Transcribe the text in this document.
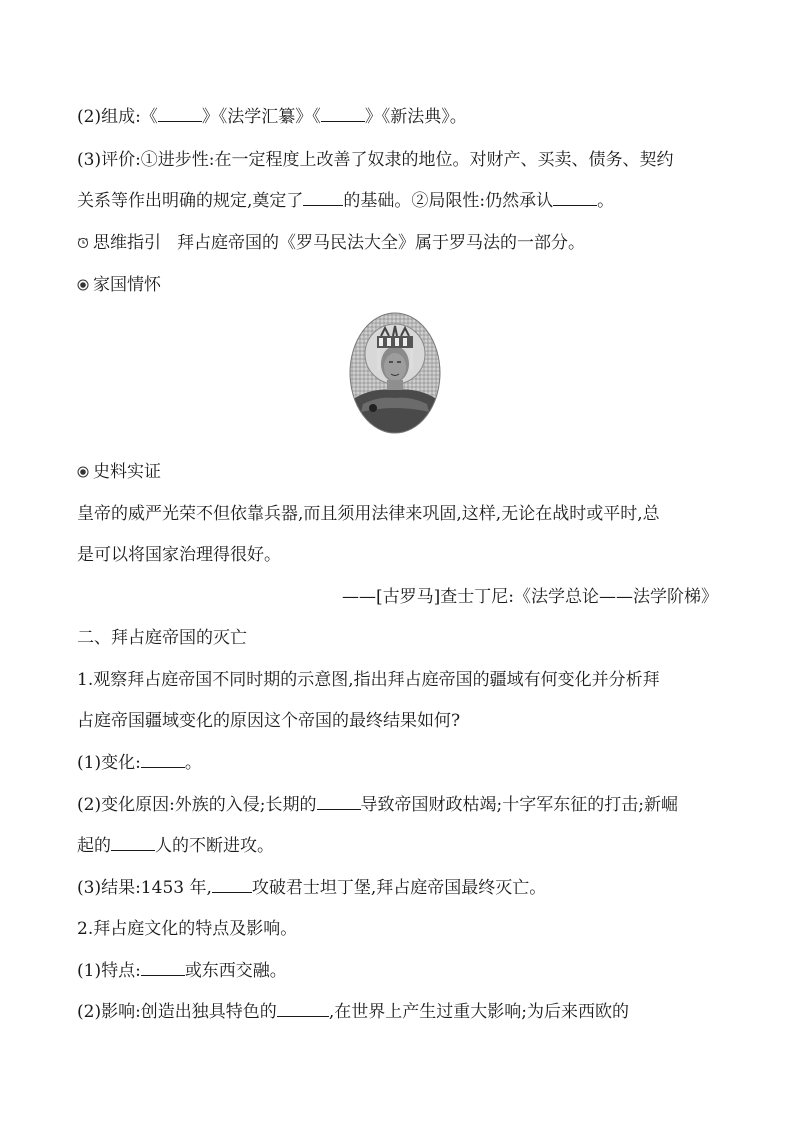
(2)组成:《	》《法学汇纂》《	》《新法典》。
(3)评价:①进步性:在一定程度上改善了奴隶的地位。对财产、买卖、债务、契约
关系等作出明确的规定,奠定了 的基础。②局限性:仍然承认	。
思维指引 拜占庭帝国的《罗马民法大全》属于罗马法的一部分。
家国情怀
史料实证
皇帝的威严光荣不但依靠兵器,而且须用法律来巩固,这样,无论在战时或平时,总
是可以将国家治理得很好。
——[古罗马]查士丁尼:《法学总论——法学阶梯》
二、拜占庭帝国的灭亡
1.观察拜占庭帝国不同时期的示意图,指出拜占庭帝国的疆域有何变化并分析拜
占庭帝国疆域变化的原因这个帝国的最终结果如何?
(1)变化:	。
(2)变化原因:外族的入侵;长期的	导致帝国财政枯竭;十字军东征的打击;新崛
起的	人的不断进攻。
(3)结果:1453 年, 攻破君士坦丁堡,拜占庭帝国最终灭亡。
2.拜占庭文化的特点及影响。
(1)特点:	或东西交融。
(2)影响:创造出独具特色的	,在世界上产生过重大影响;为后来西欧的
